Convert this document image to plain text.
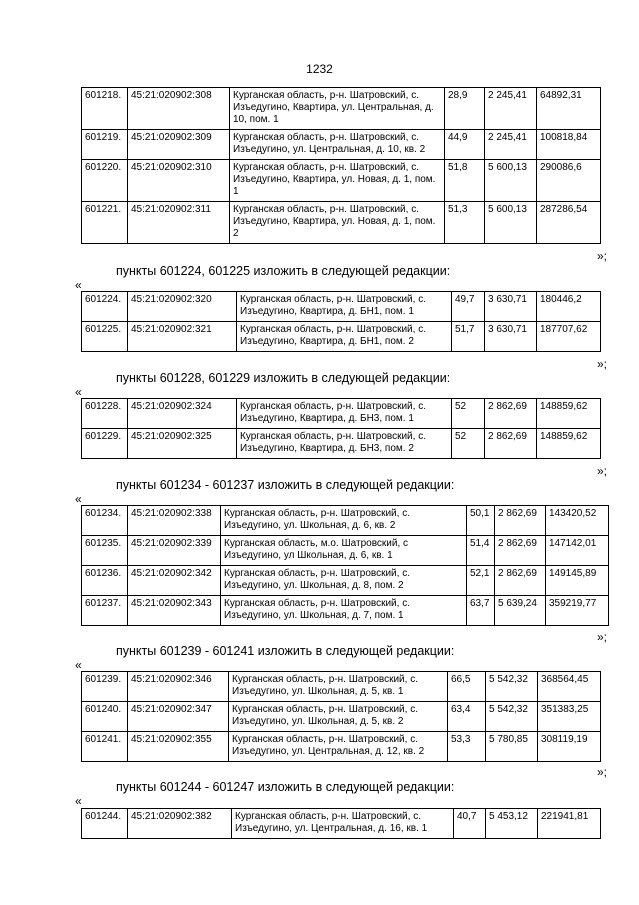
1232
601218.	45:21:020902:308	Курганская область, р-н. Шатровский, с. Изъедугино, Квартира, ул. Центральная, д. 10, пом. 1	28,9	2 245,41	64892,31
601219.	45:21:020902:309	Курганская область, р-н. Шатровский, с. Изъедугино, ул. Центральная, д. 10, кв. 2	44,9	2 245,41	100818,84
601220.	45:21:020902:310	Курганская область, р-н. Шатровский, с. Изъедугино, Квартира, ул. Новая, д. 1, пом. 1	51,8	5 600,13	290086,6
601221.	45:21:020902:311	Курганская область, р-н. Шатровский, с. Изъедугино, Квартира, ул. Новая, д. 1, пом. 2	51,3	5 600,13	287286,54
»;
пункты 601224, 601225 изложить в следующей редакции:
«
601224.	45:21:020902:320	Курганская область, р-н. Шатровский, с. Изъедугино, Квартира, д. БН1, пом. 1	49,7	3 630,71	180446,2
601225.	45:21:020902:321	Курганская область, р-н. Шатровский, с. Изъедугино, Квартира, д. БН1, пом. 2	51,7	3 630,71	187707,62
»;
пункты 601228, 601229 изложить в следующей редакции:
«
601228.	45:21:020902:324	Курганская область, р-н. Шатровский, с. Изъедугино, Квартира, д. БН3, пом. 1	52	2 862,69	148859,62
601229.	45:21:020902:325	Курганская область, р-н. Шатровский, с. Изъедугино, Квартира, д. БН3, пом. 2	52	2 862,69	148859,62
»;
пункты 601234 - 601237 изложить в следующей редакции:
«
601234.	45:21:020902:338	Курганская область, р-н. Шатровский, с. Изъедугино, ул. Школьная, д. 6, кв. 2	50,1	2 862,69	143420,52
601235.	45:21:020902:339	Курганская область, м.о. Шатровский, с Изъедугино, ул Школьная, д. 6, кв. 1	51,4	2 862,69	147142,01
601236.	45:21:020902:342	Курганская область, р-н. Шатровский, с. Изъедугино, ул. Школьная, д. 8, пом. 2	52,1	2 862,69	149145,89
601237.	45:21:020902:343	Курганская область, р-н. Шатровский, с. Изъедугино, ул. Школьная, д. 7, пом. 1	63,7	5 639,24	359219,77
»;
пункты 601239 - 601241 изложить в следующей редакции:
«
601239.	45:21:020902:346	Курганская область, р-н. Шатровский, с. Изъедугино, ул. Школьная, д. 5, кв. 1	66,5	5 542,32	368564,45
601240.	45:21:020902:347	Курганская область, р-н. Шатровский, с. Изъедугино, ул. Школьная, д. 5, кв. 2	63,4	5 542,32	351383,25
601241.	45:21:020902:355	Курганская область, р-н. Шатровский, с. Изъедугино, ул. Центральная, д. 12, кв. 2	53,3	5 780,85	308119,19
»;
пункты 601244 - 601247 изложить в следующей редакции:
«
601244.	45:21:020902:382	Курганская область, р-н. Шатровский, с. Изъедугино, ул. Центральная, д. 16, кв. 1	40,7	5 453,12	221941,81
